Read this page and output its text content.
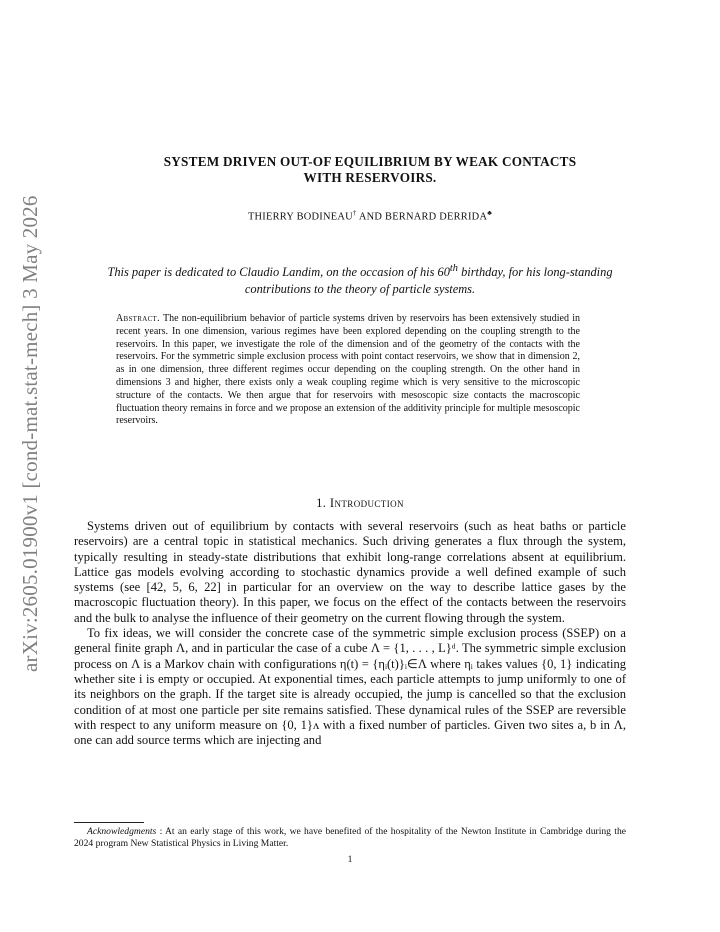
arXiv:2605.01900v1 [cond-mat.stat-mech] 3 May 2026
SYSTEM DRIVEN OUT-OF EQUILIBRIUM BY WEAK CONTACTS
WITH RESERVOIRS.
THIERRY BODINEAU† AND BERNARD DERRIDA♣
This paper is dedicated to Claudio Landim, on the occasion of his 60th birthday, for his long-standing contributions to the theory of particle systems.
Abstract. The non-equilibrium behavior of particle systems driven by reservoirs has been extensively studied in recent years. In one dimension, various regimes have been explored depending on the coupling strength to the reservoirs. In this paper, we investigate the role of the dimension and of the geometry of the contacts with the reservoirs. For the symmetric simple exclusion process with point contact reservoirs, we show that in dimension 2, as in one dimension, three different regimes occur depending on the coupling strength. On the other hand in dimensions 3 and higher, there exists only a weak coupling regime which is very sensitive to the microscopic structure of the contacts. We then argue that for reservoirs with mesoscopic size contacts the macroscopic fluctuation theory remains in force and we propose an extension of the additivity principle for multiple mesoscopic reservoirs.
1. Introduction

Systems driven out of equilibrium by contacts with several reservoirs (such as heat baths or particle reservoirs) are a central topic in statistical mechanics. Such driving generates a flux through the system, typically resulting in steady-state distributions that exhibit long-range correlations absent at equilibrium. Lattice gas models evolving according to stochastic dynamics provide a well defined example of such systems (see [42, 5, 6, 22] in particular for an overview on the way to describe lattice gases by the macroscopic fluctuation theory). In this paper, we focus on the effect of the contacts between the reservoirs and the bulk to analyse the influence of their geometry on the current flowing through the system.

To fix ideas, we will consider the concrete case of the symmetric simple exclusion process (SSEP) on a general finite graph Λ, and in particular the case of a cube Λ = {1, . . . , L}ᵈ. The symmetric simple exclusion process on Λ is a Markov chain with configurations η(t) = {ηᵢ(t)}ᵢ∈Λ where ηᵢ takes values {0, 1} indicating whether site i is empty or occupied. At exponential times, each particle attempts to jump uniformly to one of its neighbors on the graph. If the target site is already occupied, the jump is cancelled so that the exclusion condition of at most one particle per site remains satisfied. These dynamical rules of the SSEP are reversible with respect to any uniform measure on {0, 1}ᴧ with a fixed number of particles. Given two sites a, b in Λ, one can add source terms which are injecting and

Acknowledgments : At an early stage of this work, we have benefited of the hospitality of the Newton Institute in Cambridge during the 2024 program New Statistical Physics in Living Matter.

1
